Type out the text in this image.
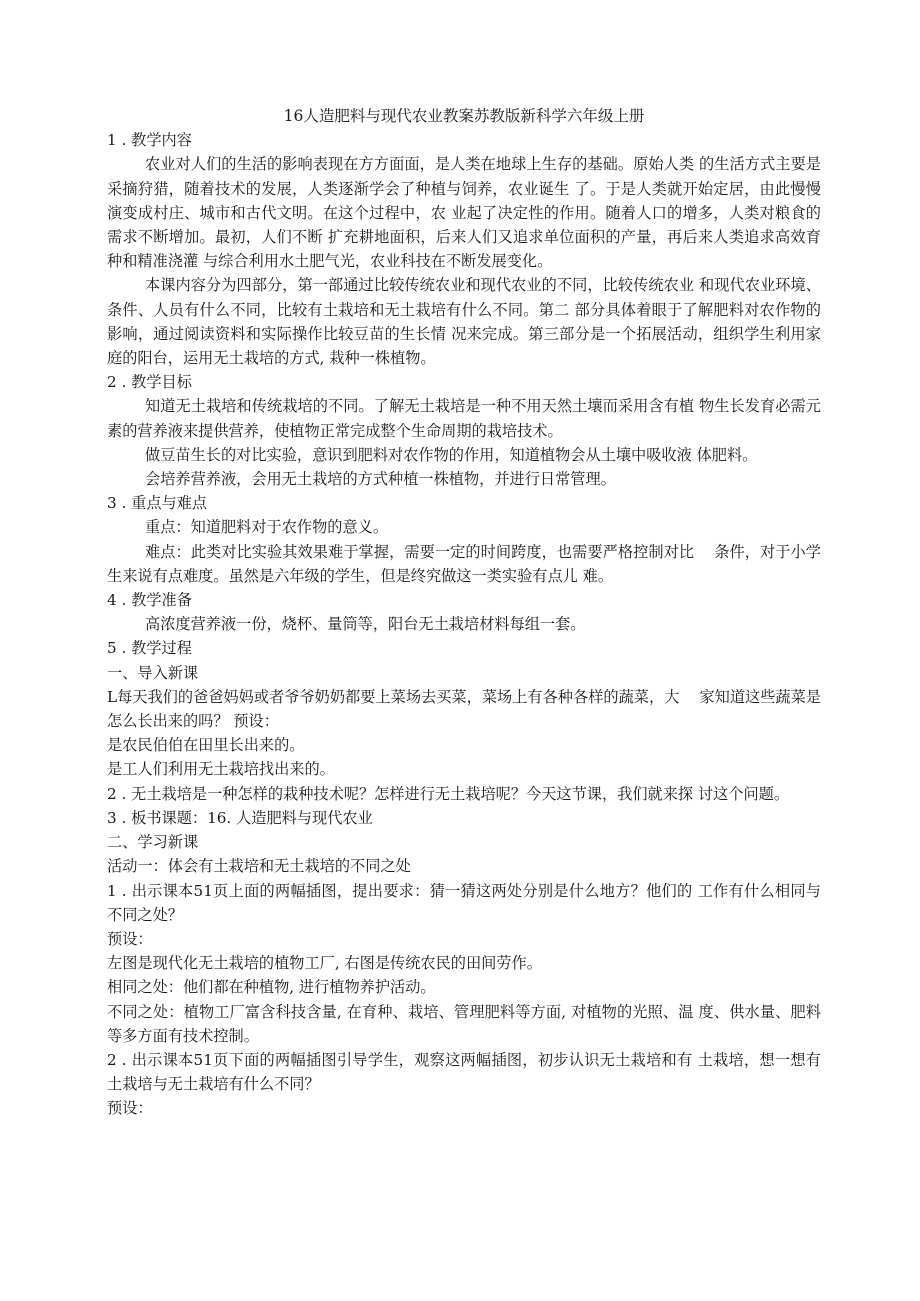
16人造肥料与现代农业教案苏教版新科学六年级上册

1 . 教学内容

农业对人们的生活的影响表现在方方面面，是人类在地球上生存的基础。原始人类 的生活方式主要是采摘狩猎，随着技术的发展，人类逐渐学会了种植与饲养，农业诞生 了。于是人类就开始定居，由此慢慢演变成村庄、城市和古代文明。在这个过程中，农 业起了决定性的作用。随着人口的增多，人类对粮食的需求不断增加。最初，人们不断 扩充耕地面积，后来人们又追求单位面积的产量，再后来人类追求高效育种和精准浇灌 与综合利用水土肥气光，农业科技在不断发展变化。

本课内容分为四部分，第一部通过比较传统农业和现代农业的不同，比较传统农业 和现代农业环境、条件、人员有什么不同，比较有土栽培和无土栽培有什么不同。第二 部分具体着眼于了解肥料对农作物的影响，通过阅读资料和实际操作比较豆苗的生长情 况来完成。第三部分是一个拓展活动，组织学生利用家庭的阳台，运用无土栽培的方式, 栽种一株植物。

2 . 教学目标

知道无土栽培和传统栽培的不同。了解无土栽培是一种不用天然土壤而采用含有植 物生长发育必需元素的营养液来提供营养，使植物正常完成整个生命周期的栽培技术。

做豆苗生长的对比实验，意识到肥料对农作物的作用，知道植物会从土壤中吸收液 体肥料。

会培养营养液，会用无土栽培的方式种植一株植物，并进行日常管理。

3 . 重点与难点

重点：知道肥料对于农作物的意义。

难点：此类对比实验其效果难于掌握，需要一定的时间跨度，也需要严格控制对比　 条件，对于小学生来说有点难度。虽然是六年级的学生，但是终究做这一类实验有点儿 难。

4 . 教学准备

高浓度营养液一份，烧杯、量筒等，阳台无土栽培材料每组一套。

5 . 教学过程

一、导入新课

L每天我们的爸爸妈妈或者爷爷奶奶都要上菜场去买菜，菜场上有各种各样的蔬菜，大　 家知道这些蔬菜是怎么长出来的吗？ 预设：

是农民伯伯在田里长出来的。

是工人们利用无土栽培找出来的。

2 . 无土栽培是一种怎样的栽种技术呢？怎样进行无土栽培呢？今天这节课，我们就来探 讨这个问题。

3 . 板书课题：16. 人造肥料与现代农业

二、学习新课

活动一：体会有土栽培和无土栽培的不同之处

1 . 出示课本51页上面的两幅插图，提出要求：猜一猜这两处分别是什么地方？他们的 工作有什么相同与不同之处？

预设：

左图是现代化无土栽培的植物工厂, 右图是传统农民的田间劳作。

相同之处：他们都在种植物, 进行植物养护活动。

不同之处：植物工厂富含科技含量, 在育种、栽培、管理肥料等方面, 对植物的光照、温 度、供水量、肥料等多方面有技术控制。

2 . 出示课本51页下面的两幅插图引导学生，观察这两幅插图，初步认识无土栽培和有 土栽培，想一想有土栽培与无土栽培有什么不同？

预设：
